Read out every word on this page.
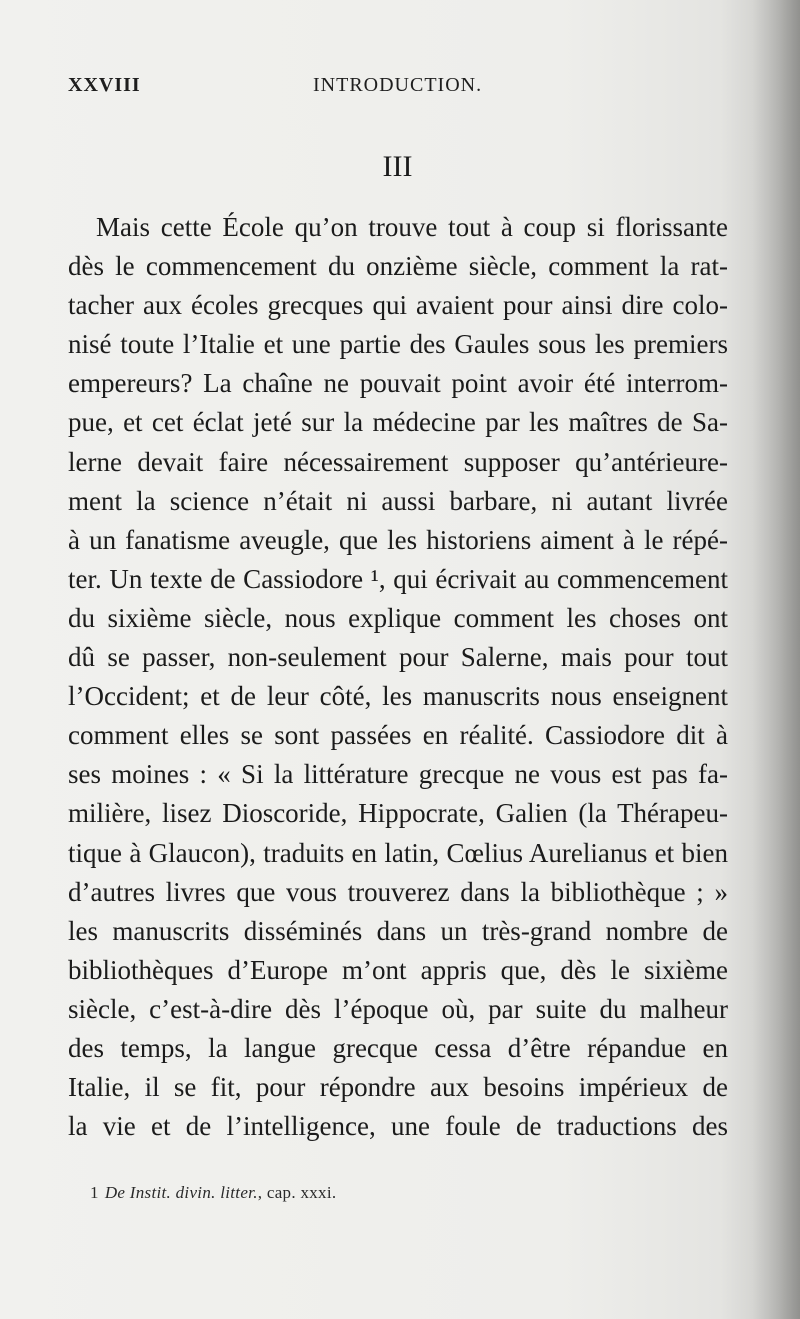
XXVIII	INTRODUCTION.
III
Mais cette École qu’on trouve tout à coup si florissante
dès le commencement du onzième siècle, comment la rat-
tacher aux écoles grecques qui avaient pour ainsi dire colo-
nisé toute l’Italie et une partie des Gaules sous les premiers
empereurs? La chaîne ne pouvait point avoir été interrom-
pue, et cet éclat jeté sur la médecine par les maîtres de Sa-
lerne devait faire nécessairement supposer qu’antérieure-
ment la science n’était ni aussi barbare, ni autant livrée
à un fanatisme aveugle, que les historiens aiment à le répé-
ter. Un texte de Cassiodore ¹, qui écrivait au commencement
du sixième siècle, nous explique comment les choses ont
dû se passer, non-seulement pour Salerne, mais pour tout
l’Occident; et de leur côté, les manuscrits nous enseignent
comment elles se sont passées en réalité. Cassiodore dit à
ses moines : « Si la littérature grecque ne vous est pas fa-
milière, lisez Dioscoride, Hippocrate, Galien (la Thérapeu-
tique à Glaucon), traduits en latin, Cœlius Aurelianus et bien
d’autres livres que vous trouverez dans la bibliothèque ; »
les manuscrits disséminés dans un très-grand nombre de
bibliothèques d’Europe m’ont appris que, dès le sixième
siècle, c’est-à-dire dès l’époque où, par suite du malheur
des temps, la langue grecque cessa d’être répandue en
Italie, il se fit, pour répondre aux besoins impérieux de
la vie et de l’intelligence, une foule de traductions des
1 De Instit. divin. litter., cap. xxxi.
